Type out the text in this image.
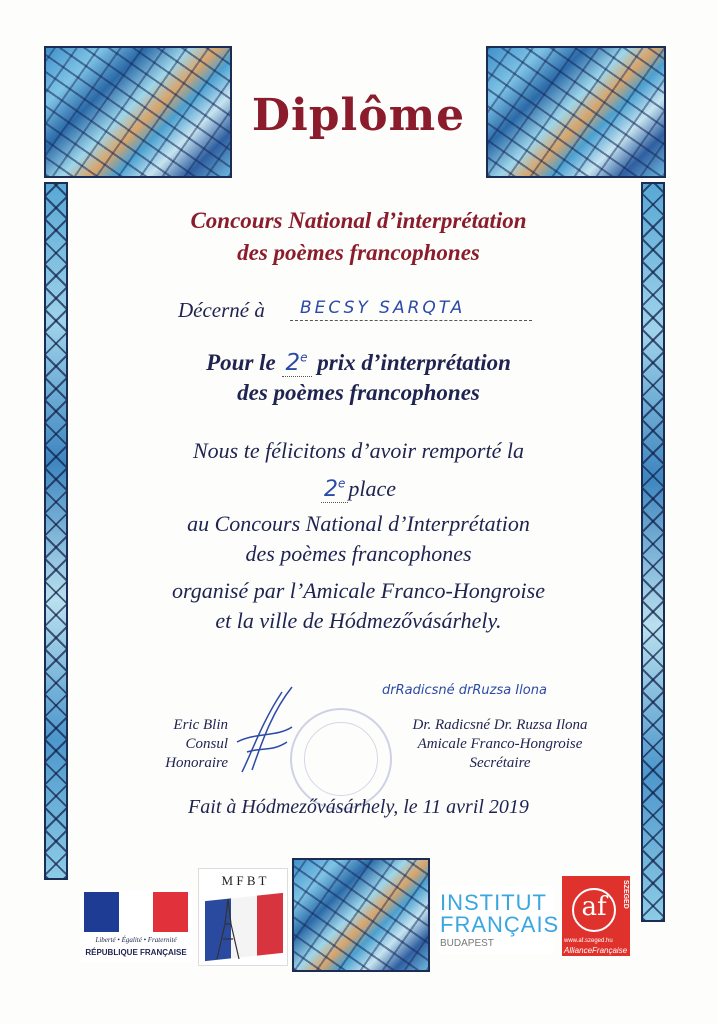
Diplôme
Concours National d’interprétation
des poèmes francophones
Décerné à	BECSY SARQTA
Pour le 2e prix d’interprétation
des poèmes francophones
Nous te félicitons d’avoir remporté la
2e place
au Concours National d’Interprétation
des poèmes francophones
organisé par l’Amicale Franco-Hongroise
et la ville de Hódmezővásárhely.
Eric Blin
Consul
Honoraire
drRadicsné drRuzsa Ilona
Dr. Radicsné Dr. Ruzsa Ilona
Amicale Franco-Hongroise
Secrétaire
Fait à Hódmezővásárhely, le 11 avril 2019
Liberté • Égalité • Fraternité
RÉPUBLIQUE FRANÇAISE
M F B T
INSTITUT
FRANÇAIS
BUDAPEST
af	SZEGED
www.af.szeged.hu
AllianceFrançaise
